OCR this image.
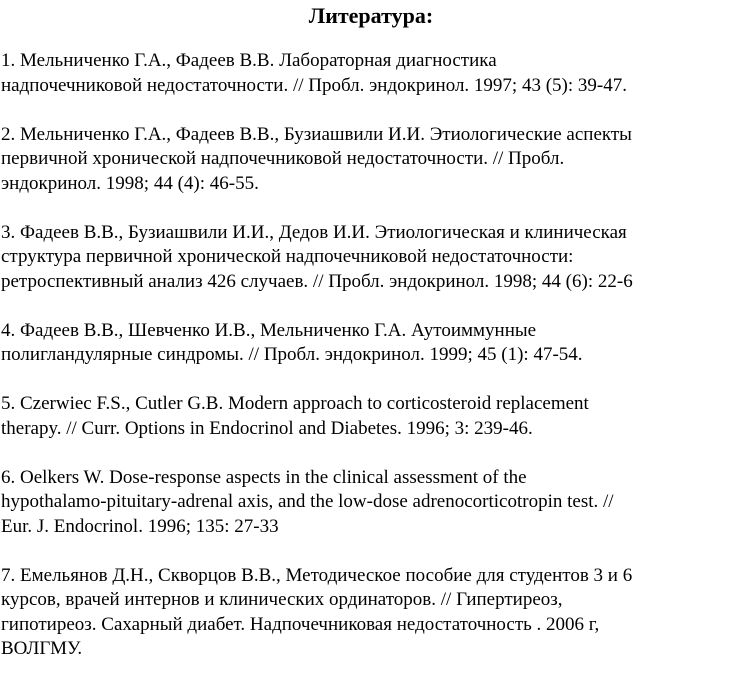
Литература:
1. Мельниченко Г.А., Фадеев В.В. Лабораторная диагностика
надпочечниковой недостаточности. // Пробл. эндокринол. 1997; 43 (5): 39-47.
2. Мельниченко Г.А., Фадеев В.В., Бузиашвили И.И. Этиологические аспекты
первичной хронической надпочечниковой недостаточности. // Пробл.
эндокринол. 1998; 44 (4): 46-55.
3. Фадеев В.В., Бузиашвили И.И., Дедов И.И. Этиологическая и клиническая
структура первичной хронической надпочечниковой недостаточности:
ретроспективный анализ 426 случаев. // Пробл. эндокринол. 1998; 44 (6): 22-6
4. Фадеев В.В., Шевченко И.В., Мельниченко Г.А. Аутоиммунные
полигландулярные синдромы. // Пробл. эндокринол. 1999; 45 (1): 47-54.
5. Czerwiec F.S., Cutler G.B. Modern approach to corticosteroid replacement
therapy. // Curr. Options in Endocrinol and Diabetes. 1996; 3: 239-46.
6. Oelkers W. Dose-response aspects in the clinical assessment of the
hypothalamo-pituitary-adrenal axis, and the low-dose adrenocorticotropin test. //
Eur. J. Endocrinol. 1996; 135: 27-33
7. Емельянов Д.Н., Скворцов В.В., Методическое пособие для студентов 3 и 6
курсов, врачей интернов и клинических ординаторов. // Гипертиреоз,
гипотиреоз. Сахарный диабет. Надпочечниковая недостаточность . 2006 г,
ВОЛГМУ.
